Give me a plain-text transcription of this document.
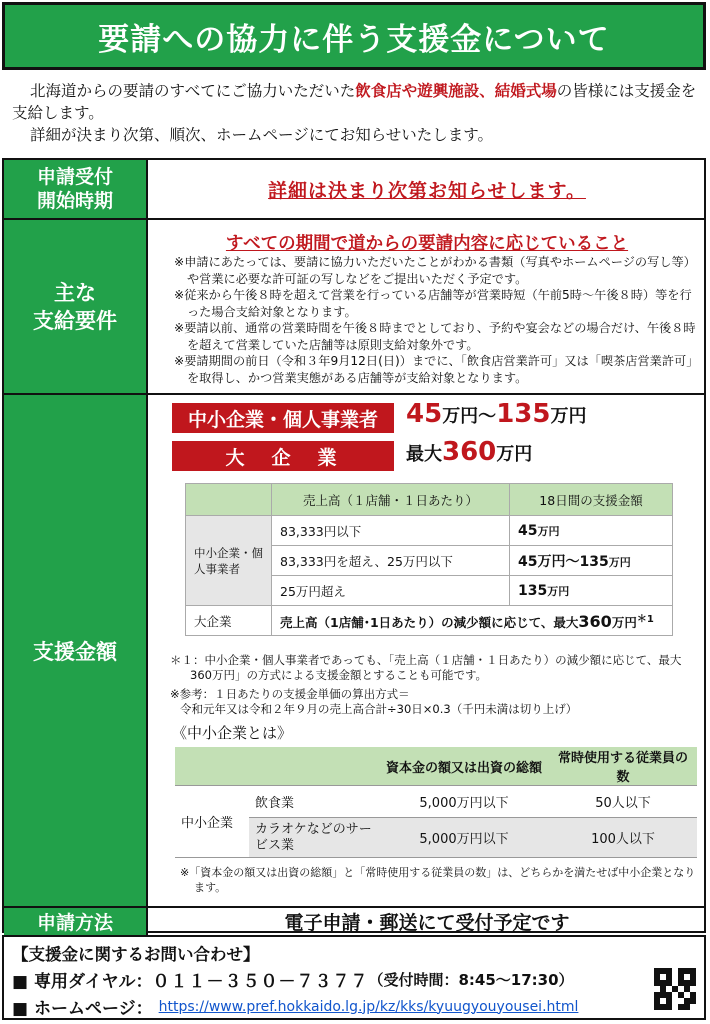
要請への協力に伴う支援金について
北海道からの要請のすべてにご協力いただいた飲食店や遊興施設、結婚式場の皆様には支援金を支給します。
詳細が決まり次第、順次、ホームページにてお知らせいたします。
申請受付
開始時期	詳細は決まり次第お知らせします。
主な
支給要件
すべての期間で道からの要請内容に応じていること

※申請にあたっては、要請に協力いただいたことがわかる書類（写真やホームページの写し等）や営業に必要な許可証の写しなどをご提出いただく予定です。

※従来から午後８時を超えて営業を行っている店舗等が営業時短（午前5時～午後８時）等を行った場合支給対象となります。

※要請以前、通常の営業時間を午後８時までとしており、予約や宴会などの場合だけ、午後８時を超えて営業していた店舗等は原則支給対象外です。

※要請期間の前日（令和３年9月12日(日)）までに、「飲食店営業許可」又は「喫茶店営業許可」を取得し、かつ営業実態がある店舗等が支給対象となります。

支援金額
中小企業・個人事業者	45万円～135万円
大　企　業	最大360万円
	売上高（１店舗・１日あたり）	18日間の支援金額
中小企業・個人事業者	83,333円以下	45万円
	83,333円を超え、25万円以下	45万円～135万円
	25万円超え	135万円
大企業	売上高（1店舗･1日あたり）の減少額に応じて、最大360万円$^{*1}$
＊１：中小企業・個人事業者であっても、「売上高（１店舗・１日あたり）の減少額に応じて、最大360万円」の方式による支援金額とすることも可能です。
※参考：１日あたりの支援金単価の算出方式＝
令和元年又は令和２年９月の売上高合計÷30日×0.3（千円未満は切り上げ）
《中小企業とは》
		資本金の額又は出資の総額	常時使用する従業員の数
中小企業	飲食業	5,000万円以下	50人以下
	カラオケなどのサービス業	5,000万円以下	100人以下
※「資本金の額又は出資の総額」と「常時使用する従業員の数」は、どちらかを満たせば中小企業となります。
申請方法	電子申請・郵送にて受付予定です
【支援金に関するお問い合わせ】
■ 専用ダイヤル： ０１１－３５０－７３７７ （受付時間：8:45～17:30）
■ ホームページ： https://www.pref.hokkaido.lg.jp/kz/kks/kyuugyouyousei.html
